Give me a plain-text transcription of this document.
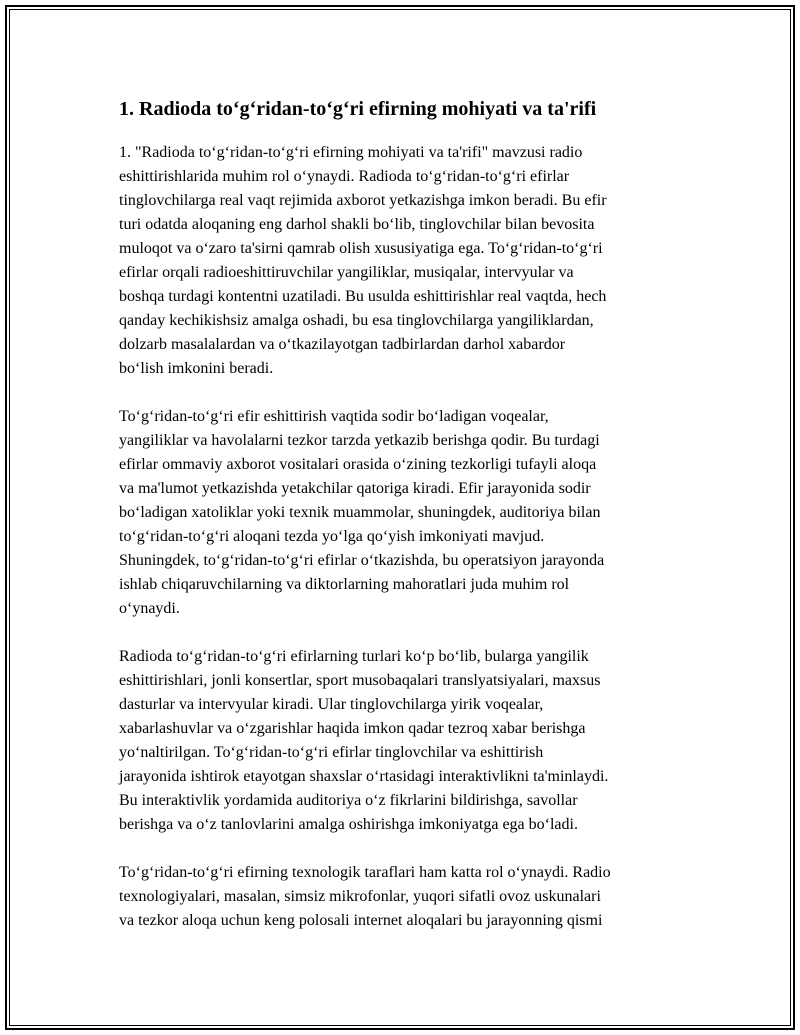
1. Radioda to‘g‘ridan-to‘g‘ri efirning mohiyati va ta'rifi

1. "Radioda to‘g‘ridan-to‘g‘ri efirning mohiyati va ta'rifi" mavzusi radio
eshittirishlarida muhim rol o‘ynaydi. Radioda to‘g‘ridan-to‘g‘ri efirlar
tinglovchilarga real vaqt rejimida axborot yetkazishga imkon beradi. Bu efir
turi odatda aloqaning eng darhol shakli bo‘lib, tinglovchilar bilan bevosita
muloqot va o‘zaro ta'sirni qamrab olish xususiyatiga ega. To‘g‘ridan-to‘g‘ri
efirlar orqali radioeshittiruvchilar yangiliklar, musiqalar, intervyular va
boshqa turdagi kontentni uzatiladi. Bu usulda eshittirishlar real vaqtda, hech
qanday kechikishsiz amalga oshadi, bu esa tinglovchilarga yangiliklardan,
dolzarb masalalardan va o‘tkazilayotgan tadbirlardan darhol xabardor
bo‘lish imkonini beradi.

To‘g‘ridan-to‘g‘ri efir eshittirish vaqtida sodir bo‘ladigan voqealar,
yangiliklar va havolalarni tezkor tarzda yetkazib berishga qodir. Bu turdagi
efirlar ommaviy axborot vositalari orasida o‘zining tezkorligi tufayli aloqa
va ma'lumot yetkazishda yetakchilar qatoriga kiradi. Efir jarayonida sodir
bo‘ladigan xatoliklar yoki texnik muammolar, shuningdek, auditoriya bilan
to‘g‘ridan-to‘g‘ri aloqani tezda yo‘lga qo‘yish imkoniyati mavjud.
Shuningdek, to‘g‘ridan-to‘g‘ri efirlar o‘tkazishda, bu operatsiyon jarayonda
ishlab chiqaruvchilarning va diktorlarning mahoratlari juda muhim rol
o‘ynaydi.

Radioda to‘g‘ridan-to‘g‘ri efirlarning turlari ko‘p bo‘lib, bularga yangilik
eshittirishlari, jonli konsertlar, sport musobaqalari translyatsiyalari, maxsus
dasturlar va intervyular kiradi. Ular tinglovchilarga yirik voqealar,
xabarlashuvlar va o‘zgarishlar haqida imkon qadar tezroq xabar berishga
yo‘naltirilgan. To‘g‘ridan-to‘g‘ri efirlar tinglovchilar va eshittirish
jarayonida ishtirok etayotgan shaxslar o‘rtasidagi interaktivlikni ta'minlaydi.
Bu interaktivlik yordamida auditoriya o‘z fikrlarini bildirishga, savollar
berishga va o‘z tanlovlarini amalga oshirishga imkoniyatga ega bo‘ladi.

To‘g‘ridan-to‘g‘ri efirning texnologik taraflari ham katta rol o‘ynaydi. Radio
texnologiyalari, masalan, simsiz mikrofonlar, yuqori sifatli ovoz uskunalari
va tezkor aloqa uchun keng polosali internet aloqalari bu jarayonning qismi
